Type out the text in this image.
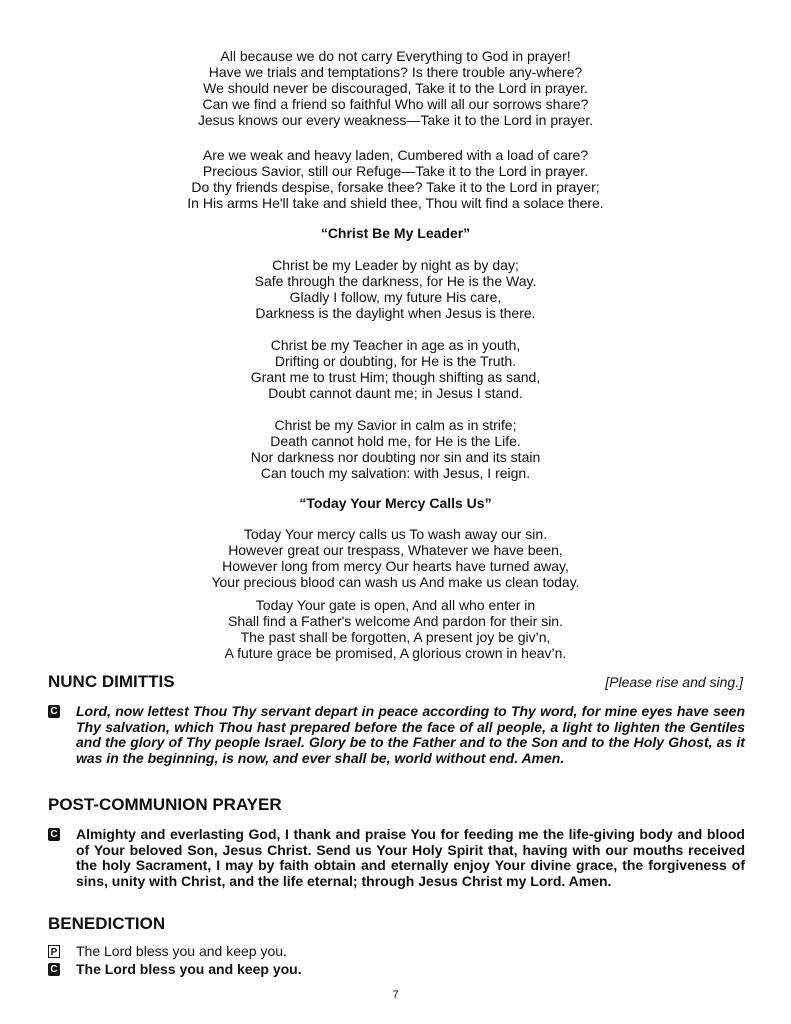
All because we do not carry Everything to God in prayer!
Have we trials and temptations? Is there trouble any-where?
We should never be discouraged, Take it to the Lord in prayer.
Can we find a friend so faithful Who will all our sorrows share?
Jesus knows our every weakness—Take it to the Lord in prayer.
Are we weak and heavy laden, Cumbered with a load of care?
Precious Savior, still our Refuge—Take it to the Lord in prayer.
Do thy friends despise, forsake thee? Take it to the Lord in prayer;
In His arms He'll take and shield thee, Thou wilt find a solace there.
“Christ Be My Leader”
Christ be my Leader by night as by day;
Safe through the darkness, for He is the Way.
Gladly I follow, my future His care,
Darkness is the daylight when Jesus is there.
Christ be my Teacher in age as in youth,
Drifting or doubting, for He is the Truth.
Grant me to trust Him; though shifting as sand,
Doubt cannot daunt me; in Jesus I stand.
Christ be my Savior in calm as in strife;
Death cannot hold me, for He is the Life.
Nor darkness nor doubting nor sin and its stain
Can touch my salvation: with Jesus, I reign.
“Today Your Mercy Calls Us”
Today Your mercy calls us To wash away our sin.
However great our trespass, Whatever we have been,
However long from mercy Our hearts have turned away,
Your precious blood can wash us And make us clean today.
Today Your gate is open, And all who enter in
Shall find a Father's welcome And pardon for their sin.
The past shall be forgotten, A present joy be giv’n,
A future grace be promised, A glorious crown in heav’n.
NUNC DIMITTIS	[Please rise and sing.]
C Lord, now lettest Thou Thy servant depart in peace according to Thy word, for mine eyes have seen Thy salvation, which Thou hast prepared before the face of all people, a light to lighten the Gentiles and the glory of Thy people Israel. Glory be to the Father and to the Son and to the Holy Ghost, as it was in the beginning, is now, and ever shall be, world without end. Amen.
POST-COMMUNION PRAYER
C Almighty and everlasting God, I thank and praise You for feeding me the life-giving body and blood of Your beloved Son, Jesus Christ. Send us Your Holy Spirit that, having with our mouths received the holy Sacrament, I may by faith obtain and eternally enjoy Your divine grace, the forgiveness of sins, unity with Christ, and the life eternal; through Jesus Christ my Lord. Amen.
BENEDICTION
P The Lord bless you and keep you.
C The Lord bless you and keep you.
7
